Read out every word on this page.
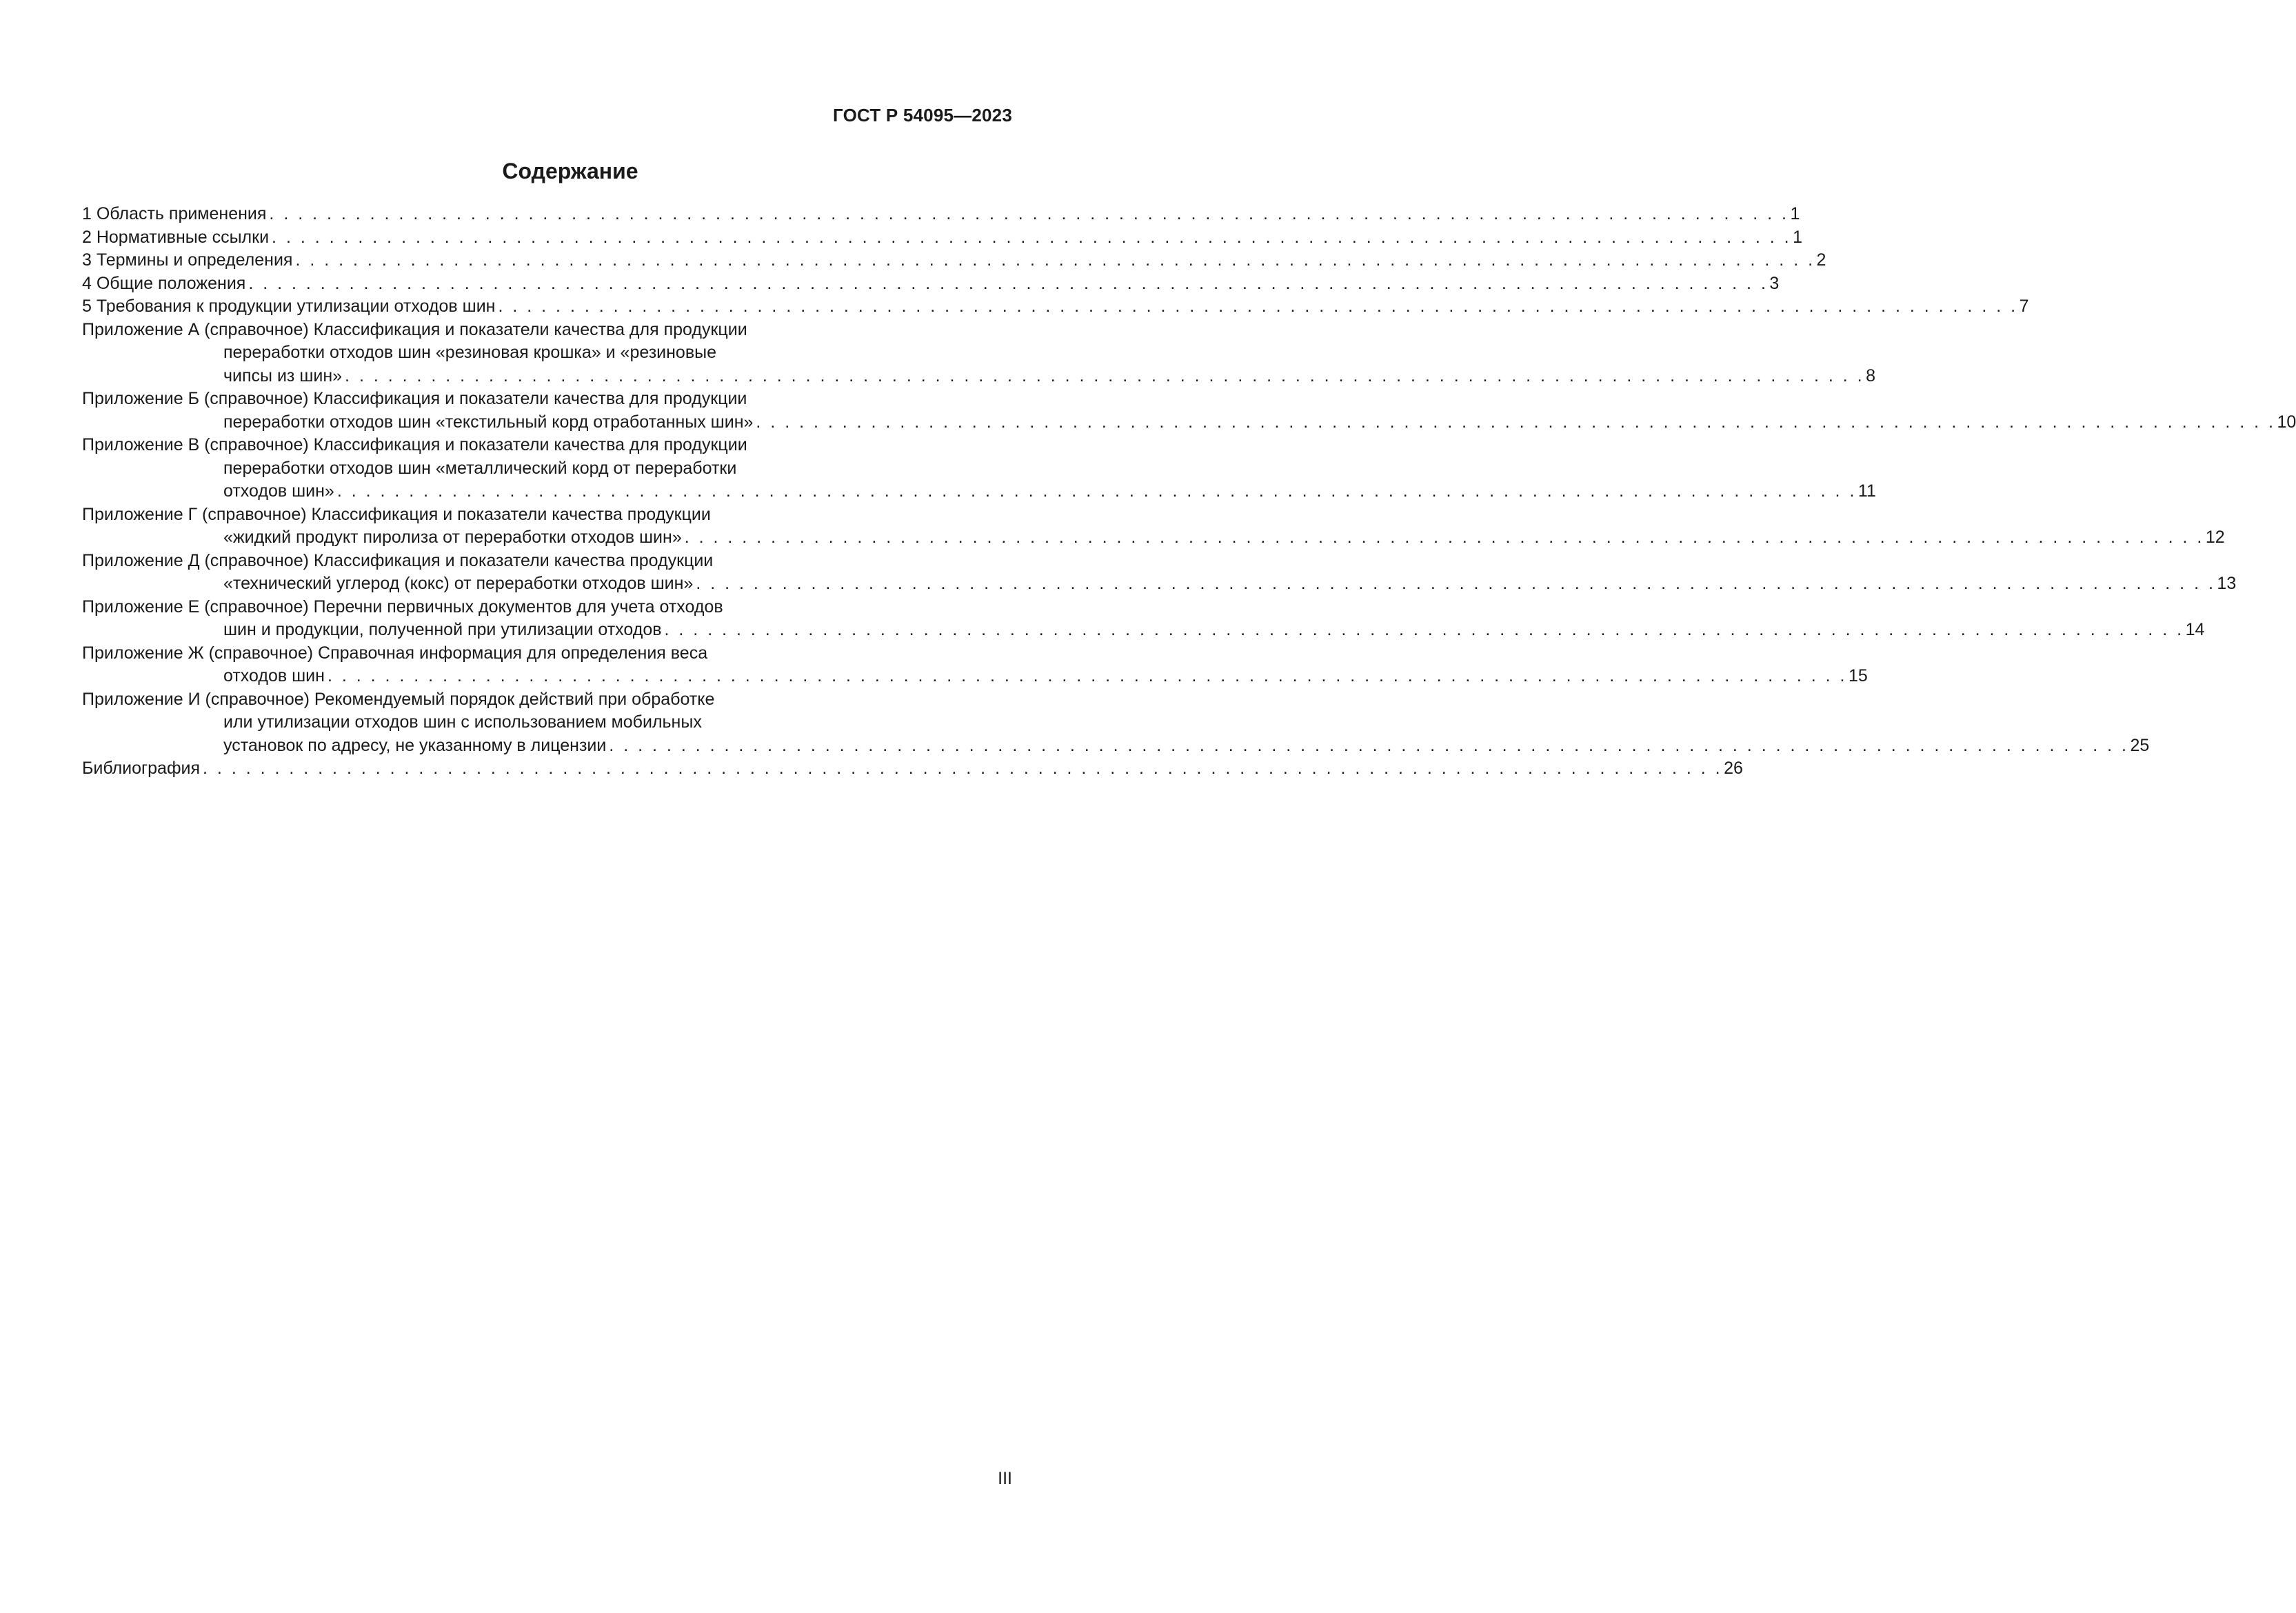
ГОСТ Р 54095—2023
Содержание
1 Область применения . . . . . . . . . . . . . . . . . . . . . . . . . . . . . . . . . . . . . . . . . . . . . . . . . . . . . . . . . . . . . . . . . . . . . . . . . . . . . . . . . . . . . . . . . . . . . . . . . . . . . . . . . . 1
2 Нормативные ссылки . . . . . . . . . . . . . . . . . . . . . . . . . . . . . . . . . . . . . . . . . . . . . . . . . . . . . . . . . . . . . . . . . . . . . . . . . . . . . . . . . . . . . . . . . . . . . . . . . . . . . . . . . . 1
3 Термины и определения . . . . . . . . . . . . . . . . . . . . . . . . . . . . . . . . . . . . . . . . . . . . . . . . . . . . . . . . . . . . . . . . . . . . . . . . . . . . . . . . . . . . . . . . . . . . . . . . . . . . . . . . . . 2
4 Общие положения . . . . . . . . . . . . . . . . . . . . . . . . . . . . . . . . . . . . . . . . . . . . . . . . . . . . . . . . . . . . . . . . . . . . . . . . . . . . . . . . . . . . . . . . . . . . . . . . . . . . . . . . . . 3
5 Требования к продукции утилизации отходов шин . . . . . . . . . . . . . . . . . . . . . . . . . . . . . . . . . . . . . . . . . . . . . . . . . . . . . . . . . . . . . . . . . . . . . . . . . . . . . . . . . . . . . . . . . . . . . . . . . . . . . . . . . . 7
Приложение А (справочное) Классификация и показатели качества для продукции
переработки отходов шин «резиновая крошка» и «резиновые
чипсы из шин» . . . . . . . . . . . . . . . . . . . . . . . . . . . . . . . . . . . . . . . . . . . . . . . . . . . . . . . . . . . . . . . . . . . . . . . . . . . . . . . . . . . . . . . . . . . . . . . . . . . . . . . . . . 8
Приложение Б (справочное) Классификация и показатели качества для продукции
переработки отходов шин «текстильный корд отработанных шин» . . . . . . . . . . . . . . . . . . . . . . . . . . . . . . . . . . . . . . . . . . . . . . . . . . . . . . . . . . . . . . . . . . . . . . . . . . . . . . . . . . . . . . . . . . . . . . . . . . . . . . . . . . 10
Приложение В (справочное) Классификация и показатели качества для продукции
переработки отходов шин «металлический корд от переработки
отходов шин» . . . . . . . . . . . . . . . . . . . . . . . . . . . . . . . . . . . . . . . . . . . . . . . . . . . . . . . . . . . . . . . . . . . . . . . . . . . . . . . . . . . . . . . . . . . . . . . . . . . . . . . . . . 11
Приложение Г (справочное) Классификация и показатели качества продукции
«жидкий продукт пиролиза от переработки отходов шин» . . . . . . . . . . . . . . . . . . . . . . . . . . . . . . . . . . . . . . . . . . . . . . . . . . . . . . . . . . . . . . . . . . . . . . . . . . . . . . . . . . . . . . . . . . . . . . . . . . . . . . . . . . 12
Приложение Д (справочное) Классификация и показатели качества продукции
«технический углерод (кокс) от переработки отходов шин» . . . . . . . . . . . . . . . . . . . . . . . . . . . . . . . . . . . . . . . . . . . . . . . . . . . . . . . . . . . . . . . . . . . . . . . . . . . . . . . . . . . . . . . . . . . . . . . . . . . . . . . . . . 13
Приложение Е (справочное) Перечни первичных документов для учета отходов
шин и продукции, полученной при утилизации отходов . . . . . . . . . . . . . . . . . . . . . . . . . . . . . . . . . . . . . . . . . . . . . . . . . . . . . . . . . . . . . . . . . . . . . . . . . . . . . . . . . . . . . . . . . . . . . . . . . . . . . . . . . . 14
Приложение Ж (справочное) Справочная информация для определения веса
отходов шин . . . . . . . . . . . . . . . . . . . . . . . . . . . . . . . . . . . . . . . . . . . . . . . . . . . . . . . . . . . . . . . . . . . . . . . . . . . . . . . . . . . . . . . . . . . . . . . . . . . . . . . . . . 15
Приложение И (справочное) Рекомендуемый порядок действий при обработке
или утилизации отходов шин с использованием мобильных
установок по адресу, не указанному в лицензии . . . . . . . . . . . . . . . . . . . . . . . . . . . . . . . . . . . . . . . . . . . . . . . . . . . . . . . . . . . . . . . . . . . . . . . . . . . . . . . . . . . . . . . . . . . . . . . . . . . . . . . . . . 25
Библиография . . . . . . . . . . . . . . . . . . . . . . . . . . . . . . . . . . . . . . . . . . . . . . . . . . . . . . . . . . . . . . . . . . . . . . . . . . . . . . . . . . . . . . . . . . . . . . . . . . . . . . . . . . 26
III
